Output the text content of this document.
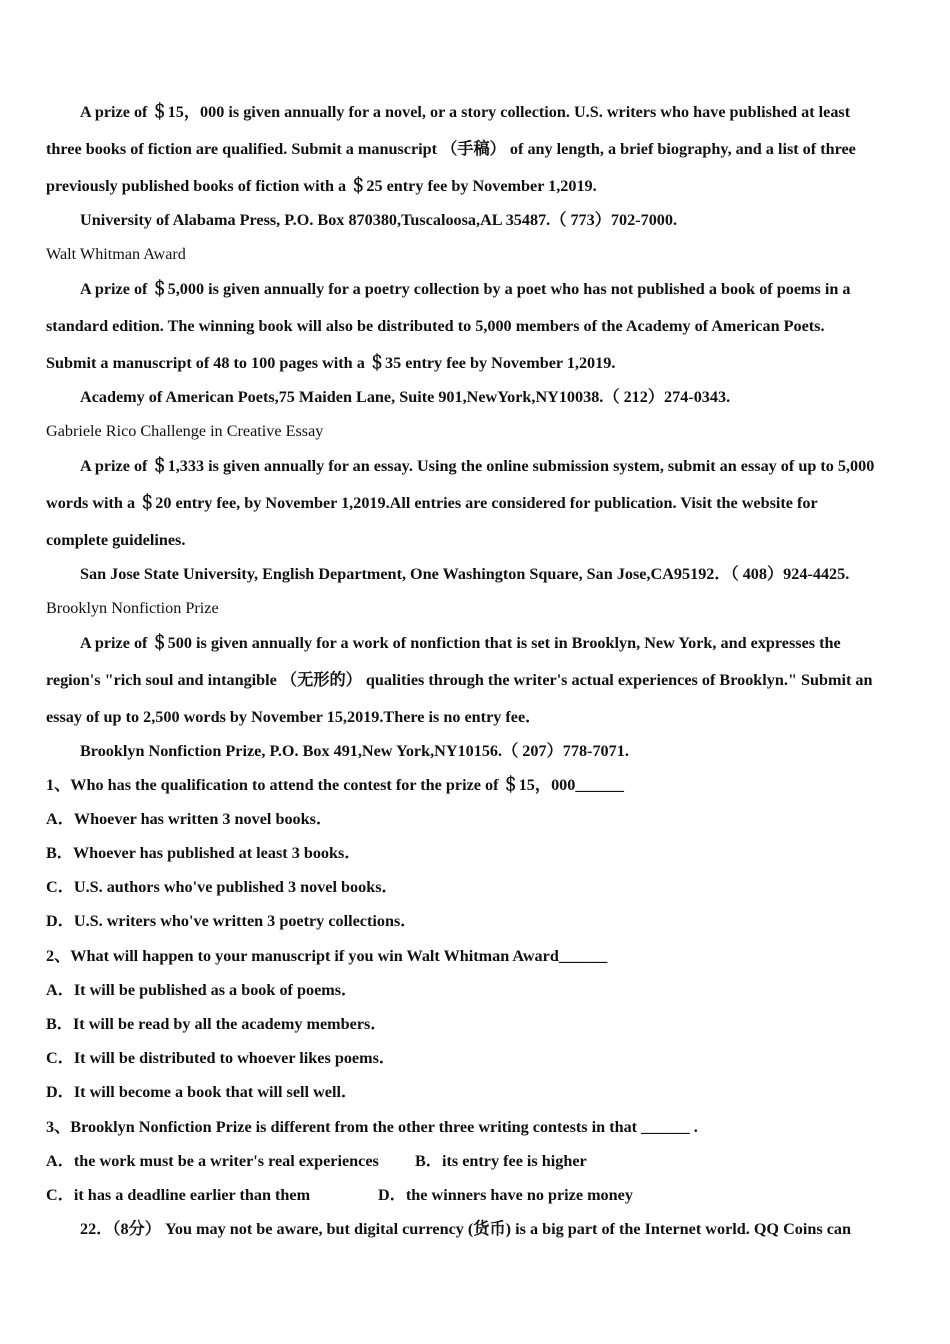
A prize of ＄15，000 is given annually for a novel, or a story collection. U.S. writers who have published at least
three books of fiction are qualified. Submit a manuscript （手稿） of any length, a brief biography, and a list of three
previously published books of fiction with a ＄25 entry fee by November 1,2019.
University of Alabama Press, P.O. Box 870380,Tuscaloosa,AL 35487.（ 773）702-7000.
Walt Whitman Award
A prize of ＄5,000 is given annually for a poetry collection by a poet who has not published a book of poems in a
standard edition. The winning book will also be distributed to 5,000 members of the Academy of American Poets.
Submit a manuscript of 48 to 100 pages with a ＄35 entry fee by November 1,2019.
Academy of American Poets,75 Maiden Lane, Suite 901,NewYork,NY10038.（ 212）274-0343.
Gabriele Rico Challenge in Creative Essay
A prize of ＄1,333 is given annually for an essay. Using the online submission system, submit an essay of up to 5,000
words with a ＄20 entry fee, by November 1,2019.All entries are considered for publication. Visit the website for
complete guidelines.
San Jose State University, English Department, One Washington Square, San Jose,CA95192．（ 408）924-4425.
Brooklyn Nonfiction Prize
A prize of ＄500 is given annually for a work of nonfiction that is set in Brooklyn, New York, and expresses the
region's "rich soul and intangible （无形的） qualities through the writer's actual experiences of Brooklyn." Submit an
essay of up to 2,500 words by November 15,2019.There is no entry fee．
Brooklyn Nonfiction Prize, P.O. Box 491,New York,NY10156.（ 207）778-7071.
1、Who has the qualification to attend the contest for the prize of ＄15，000______
A．Whoever has written 3 novel books．
B．Whoever has published at least 3 books．
C．U.S. authors who've published 3 novel books．
D．U.S. writers who've written 3 poetry collections．
2、What will happen to your manuscript if you win Walt Whitman Award______
A．It will be published as a book of poems．
B．It will be read by all the academy members．
C．It will be distributed to whoever likes poems．
D．It will become a book that will sell well．
3、Brooklyn Nonfiction Prize is different from the other three writing contests in that ______ .
A．the work must be a writer's real experiences B．its entry fee is higher
C．it has a deadline earlier than them	D．the winners have no prize money
22．（8分） You may not be aware, but digital currency (货币) is a big part of the Internet world. QQ Coins can
